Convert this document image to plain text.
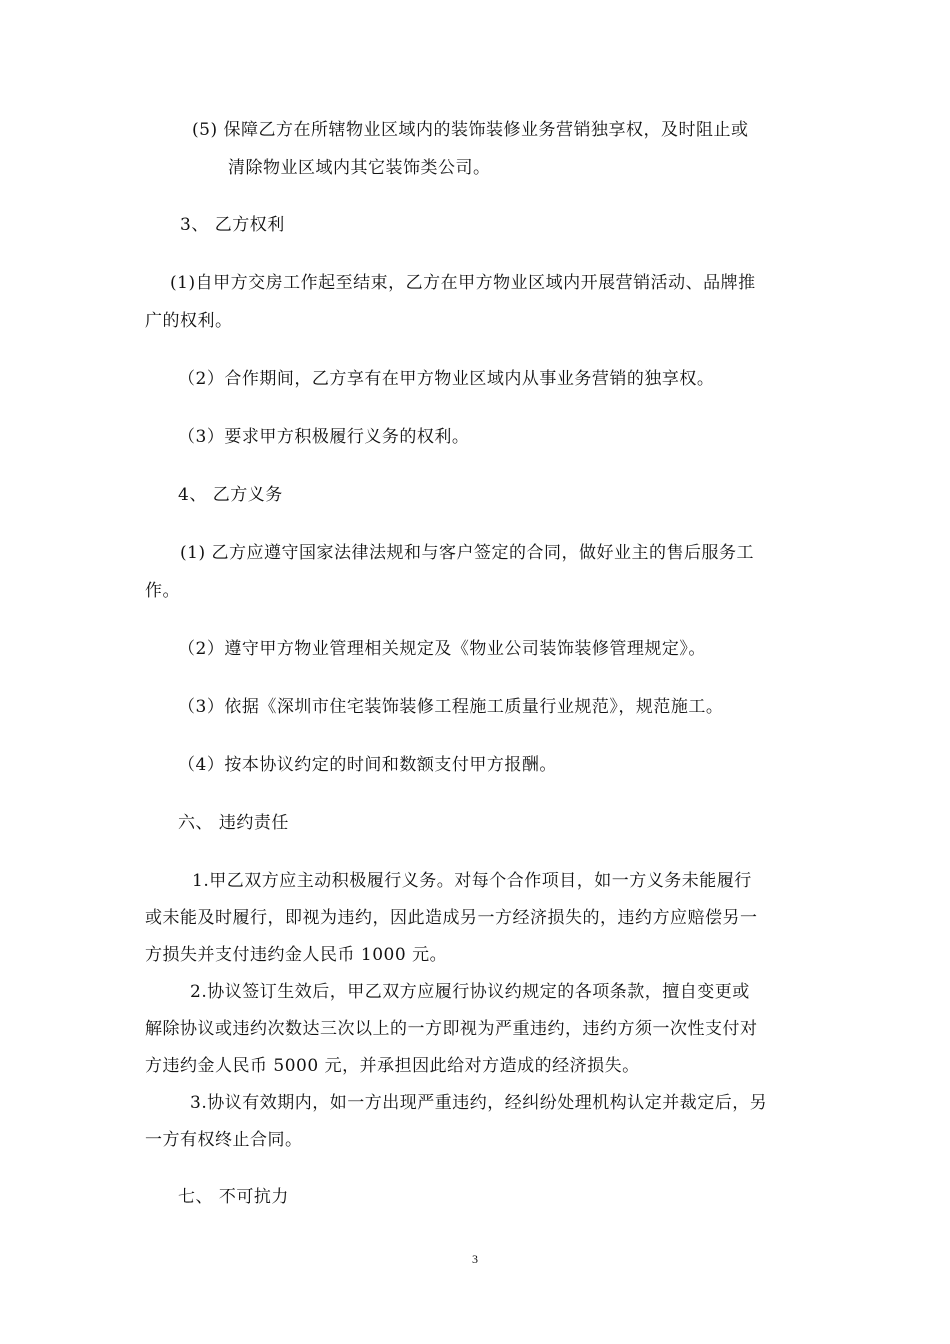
(5) 保障乙方在所辖物业区域内的装饰装修业务营销独享权，及时阻止或
清除物业区域内其它装饰类公司。
3、 乙方权利
(1)自甲方交房工作起至结束，乙方在甲方物业区域内开展营销活动、品牌推
广的权利。
（2）合作期间，乙方享有在甲方物业区域内从事业务营销的独享权。
（3）要求甲方积极履行义务的权利。
4、 乙方义务
(1) 乙方应遵守国家法律法规和与客户签定的合同，做好业主的售后服务工
作。
（2）遵守甲方物业管理相关规定及《物业公司装饰装修管理规定》。
（3）依据《深圳市住宅装饰装修工程施工质量行业规范》，规范施工。
（4）按本协议约定的时间和数额支付甲方报酬。
六、 违约责任
1.甲乙双方应主动积极履行义务。对每个合作项目，如一方义务未能履行
或未能及时履行，即视为违约，因此造成另一方经济损失的，违约方应赔偿另一
方损失并支付违约金人民币 1000 元。
2.协议签订生效后，甲乙双方应履行协议约规定的各项条款，擅自变更或
解除协议或违约次数达三次以上的一方即视为严重违约，违约方须一次性支付对
方违约金人民币 5000 元，并承担因此给对方造成的经济损失。
3.协议有效期内，如一方出现严重违约，经纠纷处理机构认定并裁定后，另
一方有权终止合同。
七、 不可抗力
3
